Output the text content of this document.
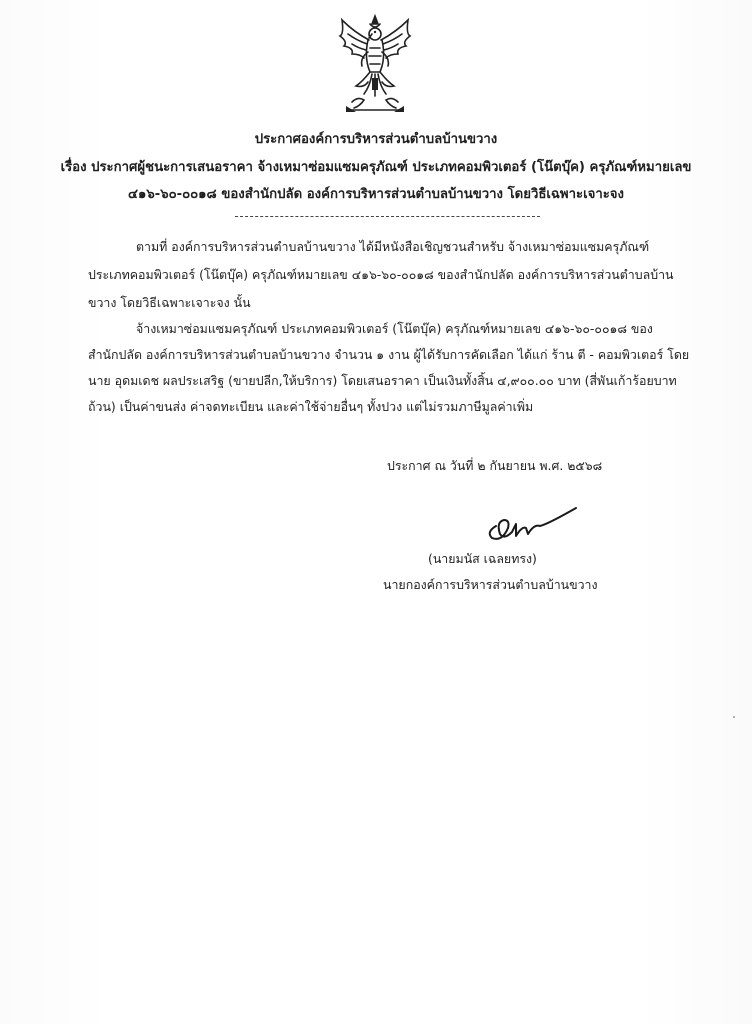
ประกาศองค์การบริหารส่วนตำบลบ้านขวาง
เรื่อง ประกาศผู้ชนะการเสนอราคา จ้างเหมาซ่อมแซมครุภัณฑ์ ประเภทคอมพิวเตอร์ (โน๊ตบุ๊ค) ครุภัณฑ์หมายเลข
๔๑๖-๖๐-๐๐๑๘ ของสำนักปลัด องค์การบริหารส่วนตำบลบ้านขวาง โดยวิธีเฉพาะเจาะจง
ตามที่ องค์การบริหารส่วนตำบลบ้านขวาง ได้มีหนังสือเชิญชวนสำหรับ จ้างเหมาซ่อมแซมครุภัณฑ์
ประเภทคอมพิวเตอร์ (โน๊ตบุ๊ค) ครุภัณฑ์หมายเลข ๔๑๖-๖๐-๐๐๑๘ ของสำนักปลัด องค์การบริหารส่วนตำบลบ้าน
ขวาง โดยวิธีเฉพาะเจาะจง นั้น
จ้างเหมาซ่อมแซมครุภัณฑ์ ประเภทคอมพิวเตอร์ (โน๊ตบุ๊ค) ครุภัณฑ์หมายเลข ๔๑๖-๖๐-๐๐๑๘ ของ
สำนักปลัด องค์การบริหารส่วนตำบลบ้านขวาง จำนวน ๑ งาน ผู้ได้รับการคัดเลือก ได้แก่ ร้าน ตี - คอมพิวเตอร์ โดย
นาย อุดมเดช ผลประเสริฐ (ขายปลีก,ให้บริการ) โดยเสนอราคา เป็นเงินทั้งสิ้น ๔,๙๐๐.๐๐ บาท (สี่พันเก้าร้อยบาท
ถ้วน) เป็นค่าขนส่ง ค่าจดทะเบียน และค่าใช้จ่ายอื่นๆ ทั้งปวง แต่ไม่รวมภาษีมูลค่าเพิ่ม
ประกาศ ณ วันที่ ๒ กันยายน พ.ศ. ๒๕๖๘
(นายมนัส เฉลยทรง)
นายกองค์การบริหารส่วนตำบลบ้านขวาง
